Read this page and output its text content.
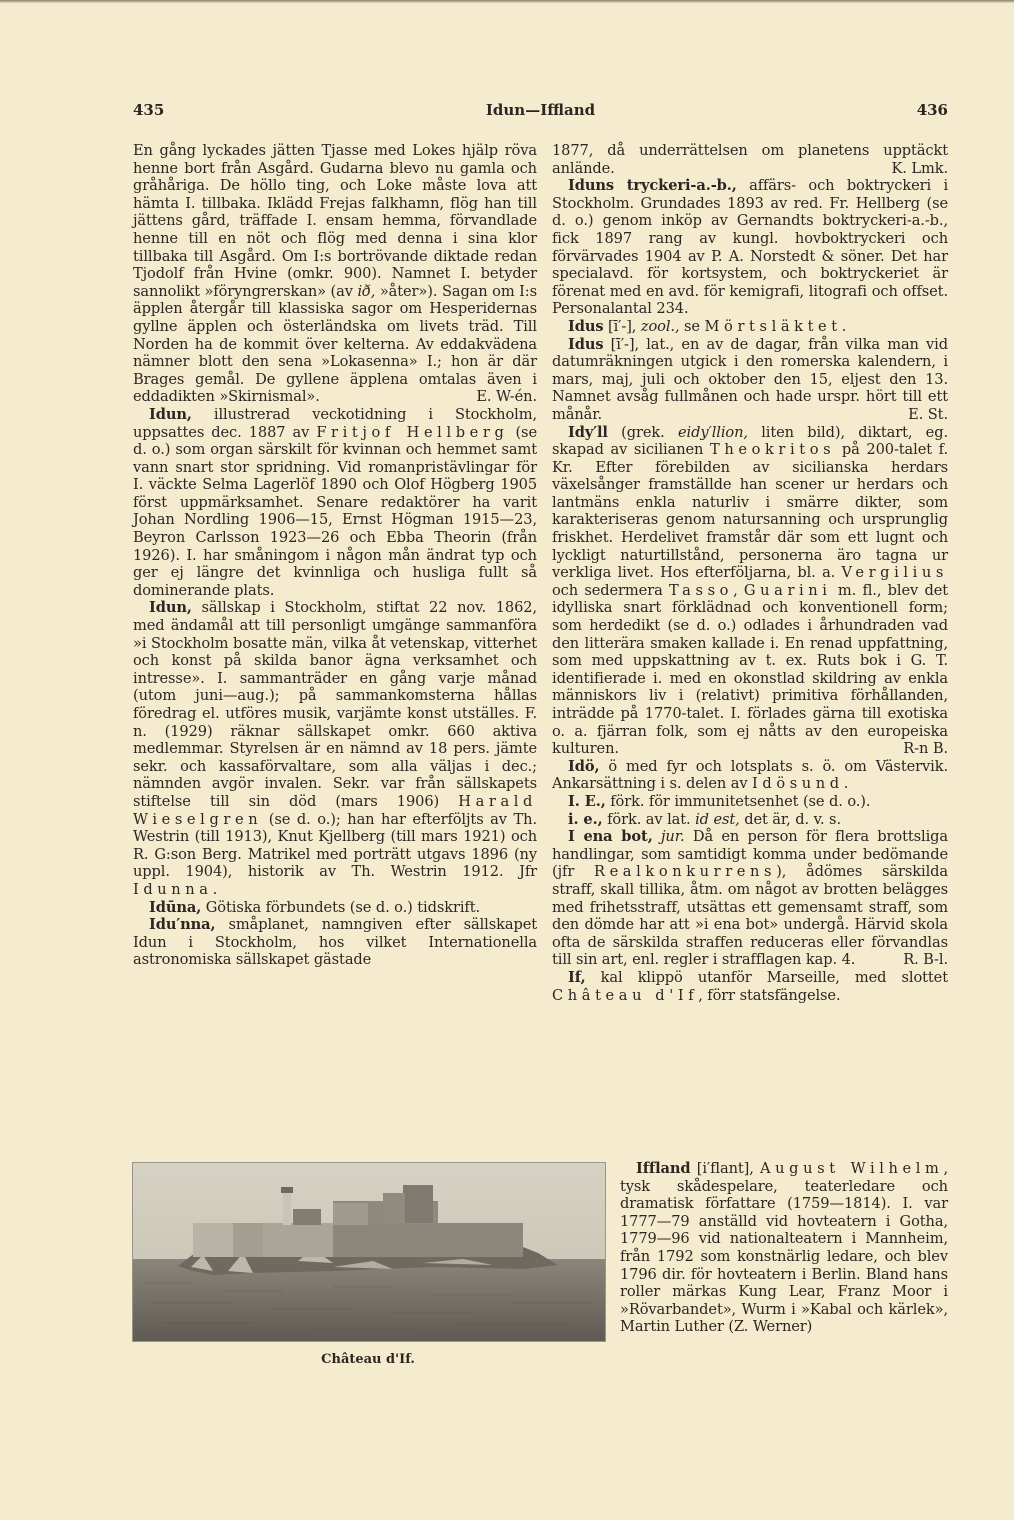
435	Idun—Iffland	436

En gång lyckades jätten Tjasse med Lokes hjälp röva henne bort från Asgård. Gudarna blevo nu gamla och gråhåriga. De höllo ting, och Loke måste lova att hämta I. tillbaka. Iklädd Frejas falkhamn, flög han till jättens gård, träffade I. ensam hemma, förvandlade henne till en nöt och flög med denna i sina klor tillbaka till Asgård. Om I:s bortrövande diktade redan Tjodolf från Hvine (omkr. 900). Namnet I. betyder sannolikt »föryngrerskan» (av ið, »åter»). Sagan om I:s äpplen återgår till klassiska sagor om Hesperidernas gyllne äpplen och österländska om livets träd. Till Norden ha de kommit över kelterna. Av eddakvädena nämner blott den sena »Lokasenna» I.; hon är där Brages gemål. De gyllene äpplena omtalas även i eddadikten »Skirnismal».	E. W-én.

Idun, illustrerad veckotidning i Stockholm, uppsattes dec. 1887 av Fritjof Hellberg (se d. o.) som organ särskilt för kvinnan och hemmet samt vann snart stor spridning. Vid romanpristävlingar för I. väckte Selma Lagerlöf 1890 och Olof Högberg 1905 först uppmärksamhet. Senare redaktörer ha varit Johan Nordling 1906—15, Ernst Högman 1915—23, Beyron Carlsson 1923—26 och Ebba Theorin (från 1926). I. har småningom i någon mån ändrat typ och ger ej längre det kvinnliga och husliga fullt så dominerande plats.

Idun, sällskap i Stockholm, stiftat 22 nov. 1862, med ändamål att till personligt umgänge sammanföra »i Stockholm bosatte män, vilka åt vetenskap, vitterhet och konst på skilda banor ägna verksamhet och intresse». I. sammanträder en gång varje månad (utom juni—aug.); på sammankomsterna hållas föredrag el. utföres musik, varjämte konst utställes. F. n. (1929) räknar sällskapet omkr. 660 aktiva medlemmar. Styrelsen är en nämnd av 18 pers. jämte sekr. och kassaförvaltare, som alla väljas i dec.; nämnden avgör invalen. Sekr. var från sällskapets stiftelse till sin död (mars 1906) Harald Wieselgren (se d. o.); han har efterföljts av Th. Westrin (till 1913), Knut Kjellberg (till mars 1921) och R. G:son Berg. Matrikel med porträtt utgavs 1896 (ny uppl. 1904), historik av Th. Westrin 1912. Jfr Idunna.

Idūna, Götiska förbundets (se d. o.) tidskrift.

Idu′nna, småplanet, namngiven efter sällskapet Idun i Stockholm, hos vilket Internationella astronomiska sällskapet gästade

Château d'If.

1877, då underrättelsen om planetens upptäckt anlände.	K. Lmk.

Iduns tryckeri-a.-b., affärs- och boktryckeri i Stockholm. Grundades 1893 av red. Fr. Hellberg (se d. o.) genom inköp av Gernandts boktryckeri-a.-b., fick 1897 rang av kungl. hovboktryckeri och förvärvades 1904 av P. A. Norstedt & söner. Det har specialavd. för kortsystem, och boktryckeriet är förenat med en avd. för kemigrafi, litografi och offset. Personalantal 234.

Idus [ī′-], zool., se Mörtsläktet.

Idus [ī′-], lat., en av de dagar, från vilka man vid datumräkningen utgick i den romerska kalendern, i mars, maj, juli och oktober den 15, eljest den 13. Namnet avsåg fullmånen och hade urspr. hört till ett månår.	E. St.

Idy′ll (grek. eidy′llion, liten bild), diktart, eg. skapad av sicilianen Theokritos på 200-talet f. Kr. Efter förebilden av sicilianska herdars växelsånger framställde han scener ur herdars och lantmäns enkla naturliv i smärre dikter, som karakteriseras genom natursanning och ursprunglig friskhet. Herdelivet framstår där som ett lugnt och lyckligt naturtillstånd, personerna äro tagna ur verkliga livet. Hos efterföljarna, bl. a. Vergilius och sedermera Tasso, Guarini m. fl., blev det idylliska snart förklädnad och konventionell form; som herdedikt (se d. o.) odlades i århundraden vad den litterära smaken kallade i. En renad uppfattning, som med uppskattning av t. ex. Ruts bok i G. T. identifierade i. med en okonstlad skildring av enkla människors liv i (relativt) primitiva förhållanden, inträdde på 1770-talet. I. förlades gärna till exotiska o. a. fjärran folk, som ej nåtts av den europeiska kulturen.	R-n B.

Idö, ö med fyr och lotsplats s. ö. om Västervik. Ankarsättning i s. delen av Idösund.

I. E., förk. för immunitetsenhet (se d. o.).

i. e., förk. av lat. id est, det är, d. v. s.

I ena bot, jur. Då en person för flera brottsliga handlingar, som samtidigt komma under bedömande (jfr Realkonkurrens), ådömes särskilda straff, skall tillika, åtm. om något av brotten belägges med frihetsstraff, utsättas ett gemensamt straff, som den dömde har att »i ena bot» undergå. Härvid skola ofta de särskilda straffen reduceras eller förvandlas till sin art, enl. regler i strafflagen kap. 4.	R. B-l.

If, kal klippö utanför Marseille, med slottet Château d'If, förr statsfängelse.

Iffland [i′flant], August Wilhelm, tysk skådespelare, teaterledare och dramatisk författare (1759—1814). I. var 1777—79 anställd vid hovteatern i Gotha, 1779—96 vid nationalteatern i Mannheim, från 1792 som konstnärlig ledare, och blev 1796 dir. för hovteatern i Berlin. Bland hans roller märkas Kung Lear, Franz Moor i »Rövarbandet», Wurm i »Kabal och kärlek», Martin Luther (Z. Werner)
